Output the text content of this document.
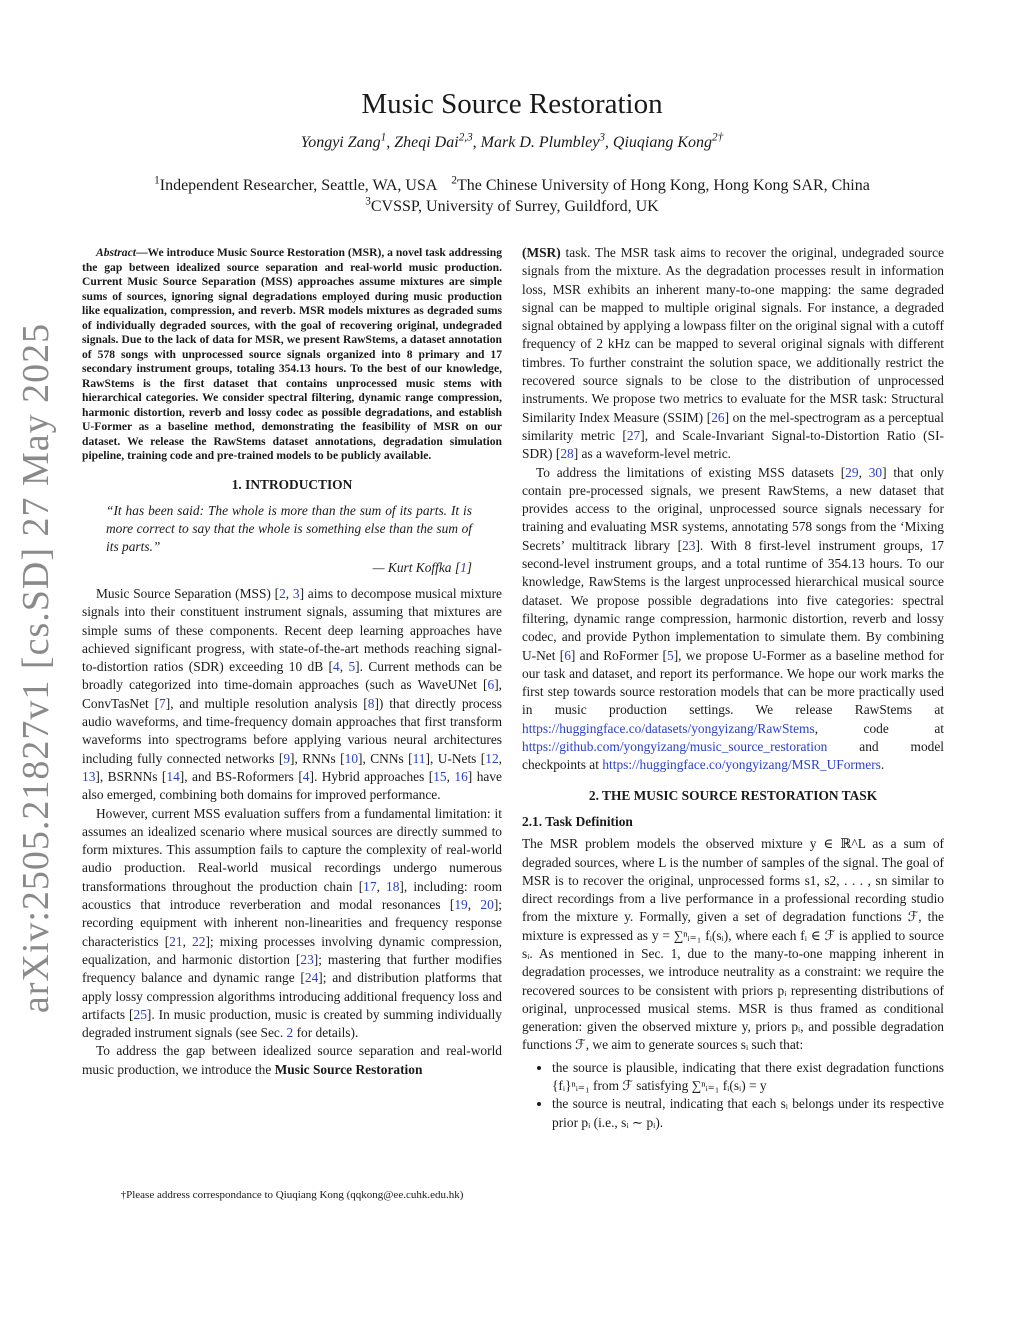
arXiv:2505.21827v1 [cs.SD] 27 May 2025
Music Source Restoration
Yongyi Zang$^1$, Zheqi Dai$^{2,3}$, Mark D. Plumbley$^3$, Qiuqiang Kong$^{2\dagger}$
$^1$Independent Researcher, Seattle, WA, USA $^2$The Chinese University of Hong Kong, Hong Kong SAR, China
$^3$CVSSP, University of Surrey, Guildford, UK

Abstract—We introduce Music Source Restoration (MSR), a novel task addressing the gap between idealized source separation and real-world music production. Current Music Source Separation (MSS) approaches assume mixtures are simple sums of sources, ignoring signal degradations employed during music production like equalization, compression, and reverb. MSR models mixtures as degraded sums of individually degraded sources, with the goal of recovering original, undegraded signals. Due to the lack of data for MSR, we present RawStems, a dataset annotation of 578 songs with unprocessed source signals organized into 8 primary and 17 secondary instrument groups, totaling 354.13 hours. To the best of our knowledge, RawStems is the first dataset that contains unprocessed music stems with hierarchical categories. We consider spectral filtering, dynamic range compression, harmonic distortion, reverb and lossy codec as possible degradations, and establish U-Former as a baseline method, demonstrating the feasibility of MSR on our dataset. We release the RawStems dataset annotations, degradation simulation pipeline, training code and pre-trained models to be publicly available.

1. INTRODUCTION
“It has been said: The whole is more than the sum of its parts. It is more correct to say that the whole is something else than the sum of its parts.”
— Kurt Koffka [1]

Music Source Separation (MSS) [2, 3] aims to decompose musical mixture signals into their constituent instrument signals, assuming that mixtures are simple sums of these components. Recent deep learning approaches have achieved significant progress, with state-of-the-art methods reaching signal-to-distortion ratios (SDR) exceeding 10 dB [4, 5]. Current methods can be broadly categorized into time-domain approaches (such as WaveUNet [6], ConvTasNet [7], and multiple resolution analysis [8]) that directly process audio waveforms, and time-frequency domain approaches that first transform waveforms into spectrograms before applying various neural architectures including fully connected networks [9], RNNs [10], CNNs [11], U-Nets [12, 13], BSRNNs [14], and BS-Roformers [4]. Hybrid approaches [15, 16] have also emerged, combining both domains for improved performance.

However, current MSS evaluation suffers from a fundamental limitation: it assumes an idealized scenario where musical sources are directly summed to form mixtures. This assumption fails to capture the complexity of real-world audio production. Real-world musical recordings undergo numerous transformations throughout the production chain [17, 18], including: room acoustics that introduce reverberation and modal resonances [19, 20]; recording equipment with inherent non-linearities and frequency response characteristics [21, 22]; mixing processes involving dynamic compression, equalization, and harmonic distortion [23]; mastering that further modifies frequency balance and dynamic range [24]; and distribution platforms that apply lossy compression algorithms introducing additional frequency loss and artifacts [25]. In music production, music is created by summing individually degraded instrument signals (see Sec. 2 for details).

To address the gap between idealized source separation and real-world music production, we introduce the Music Source Restoration

†Please address correspondance to Qiuqiang Kong (qqkong@ee.cuhk.edu.hk)

(MSR) task. The MSR task aims to recover the original, undegraded source signals from the mixture. As the degradation processes result in information loss, MSR exhibits an inherent many-to-one mapping: the same degraded signal can be mapped to multiple original signals. For instance, a degraded signal obtained by applying a lowpass filter on the original signal with a cutoff frequency of 2 kHz can be mapped to several original signals with different timbres. To further constraint the solution space, we additionally restrict the recovered source signals to be close to the distribution of unprocessed instruments. We propose two metrics to evaluate for the MSR task: Structural Similarity Index Measure (SSIM) [26] on the mel-spectrogram as a perceptual similarity metric [27], and Scale-Invariant Signal-to-Distortion Ratio (SI-SDR) [28] as a waveform-level metric.

To address the limitations of existing MSS datasets [29, 30] that only contain pre-processed signals, we present RawStems, a new dataset that provides access to the original, unprocessed source signals necessary for training and evaluating MSR systems, annotating 578 songs from the ‘Mixing Secrets’ multitrack library [23]. With 8 first-level instrument groups, 17 second-level instrument groups, and a total runtime of 354.13 hours. To our knowledge, RawStems is the largest unprocessed hierarchical musical source dataset. We propose possible degradations into five categories: spectral filtering, dynamic range compression, harmonic distortion, reverb and lossy codec, and provide Python implementation to simulate them. By combining U-Net [6] and RoFormer [5], we propose U-Former as a baseline method for our task and dataset, and report its performance. We hope our work marks the first step towards source restoration models that can be more practically used in music production settings. We release RawStems at https://huggingface.co/datasets/yongyizang/RawStems, code at https://github.com/yongyizang/music_source_restoration and model checkpoints at https://huggingface.co/yongyizang/MSR_UFormers.

2. THE MUSIC SOURCE RESTORATION TASK
2.1. Task Definition

The MSR problem models the observed mixture y ∈ ℝ^L as a sum of degraded sources, where L is the number of samples of the signal. The goal of MSR is to recover the original, unprocessed forms s1, s2, . . . , sn similar to direct recordings from a live performance in a professional recording studio from the mixture y. Formally, given a set of degradation functions ℱ, the mixture is expressed as y = ∑ⁿᵢ₌₁ fᵢ(sᵢ), where each fᵢ ∈ ℱ is applied to source sᵢ. As mentioned in Sec. 1, due to the many-to-one mapping inherent in degradation processes, we introduce neutrality as a constraint: we require the recovered sources to be consistent with priors pᵢ representing distributions of original, unprocessed musical stems. MSR is thus framed as conditional generation: given the observed mixture y, priors pᵢ, and possible degradation functions ℱ, we aim to generate sources sᵢ such that:

• the source is plausible, indicating that there exist degradation functions {fᵢ}ⁿᵢ₌₁ from ℱ satisfying ∑ⁿᵢ₌₁ fᵢ(sᵢ) = y
• the source is neutral, indicating that each sᵢ belongs under its respective prior pᵢ (i.e., sᵢ ∼ pᵢ).
